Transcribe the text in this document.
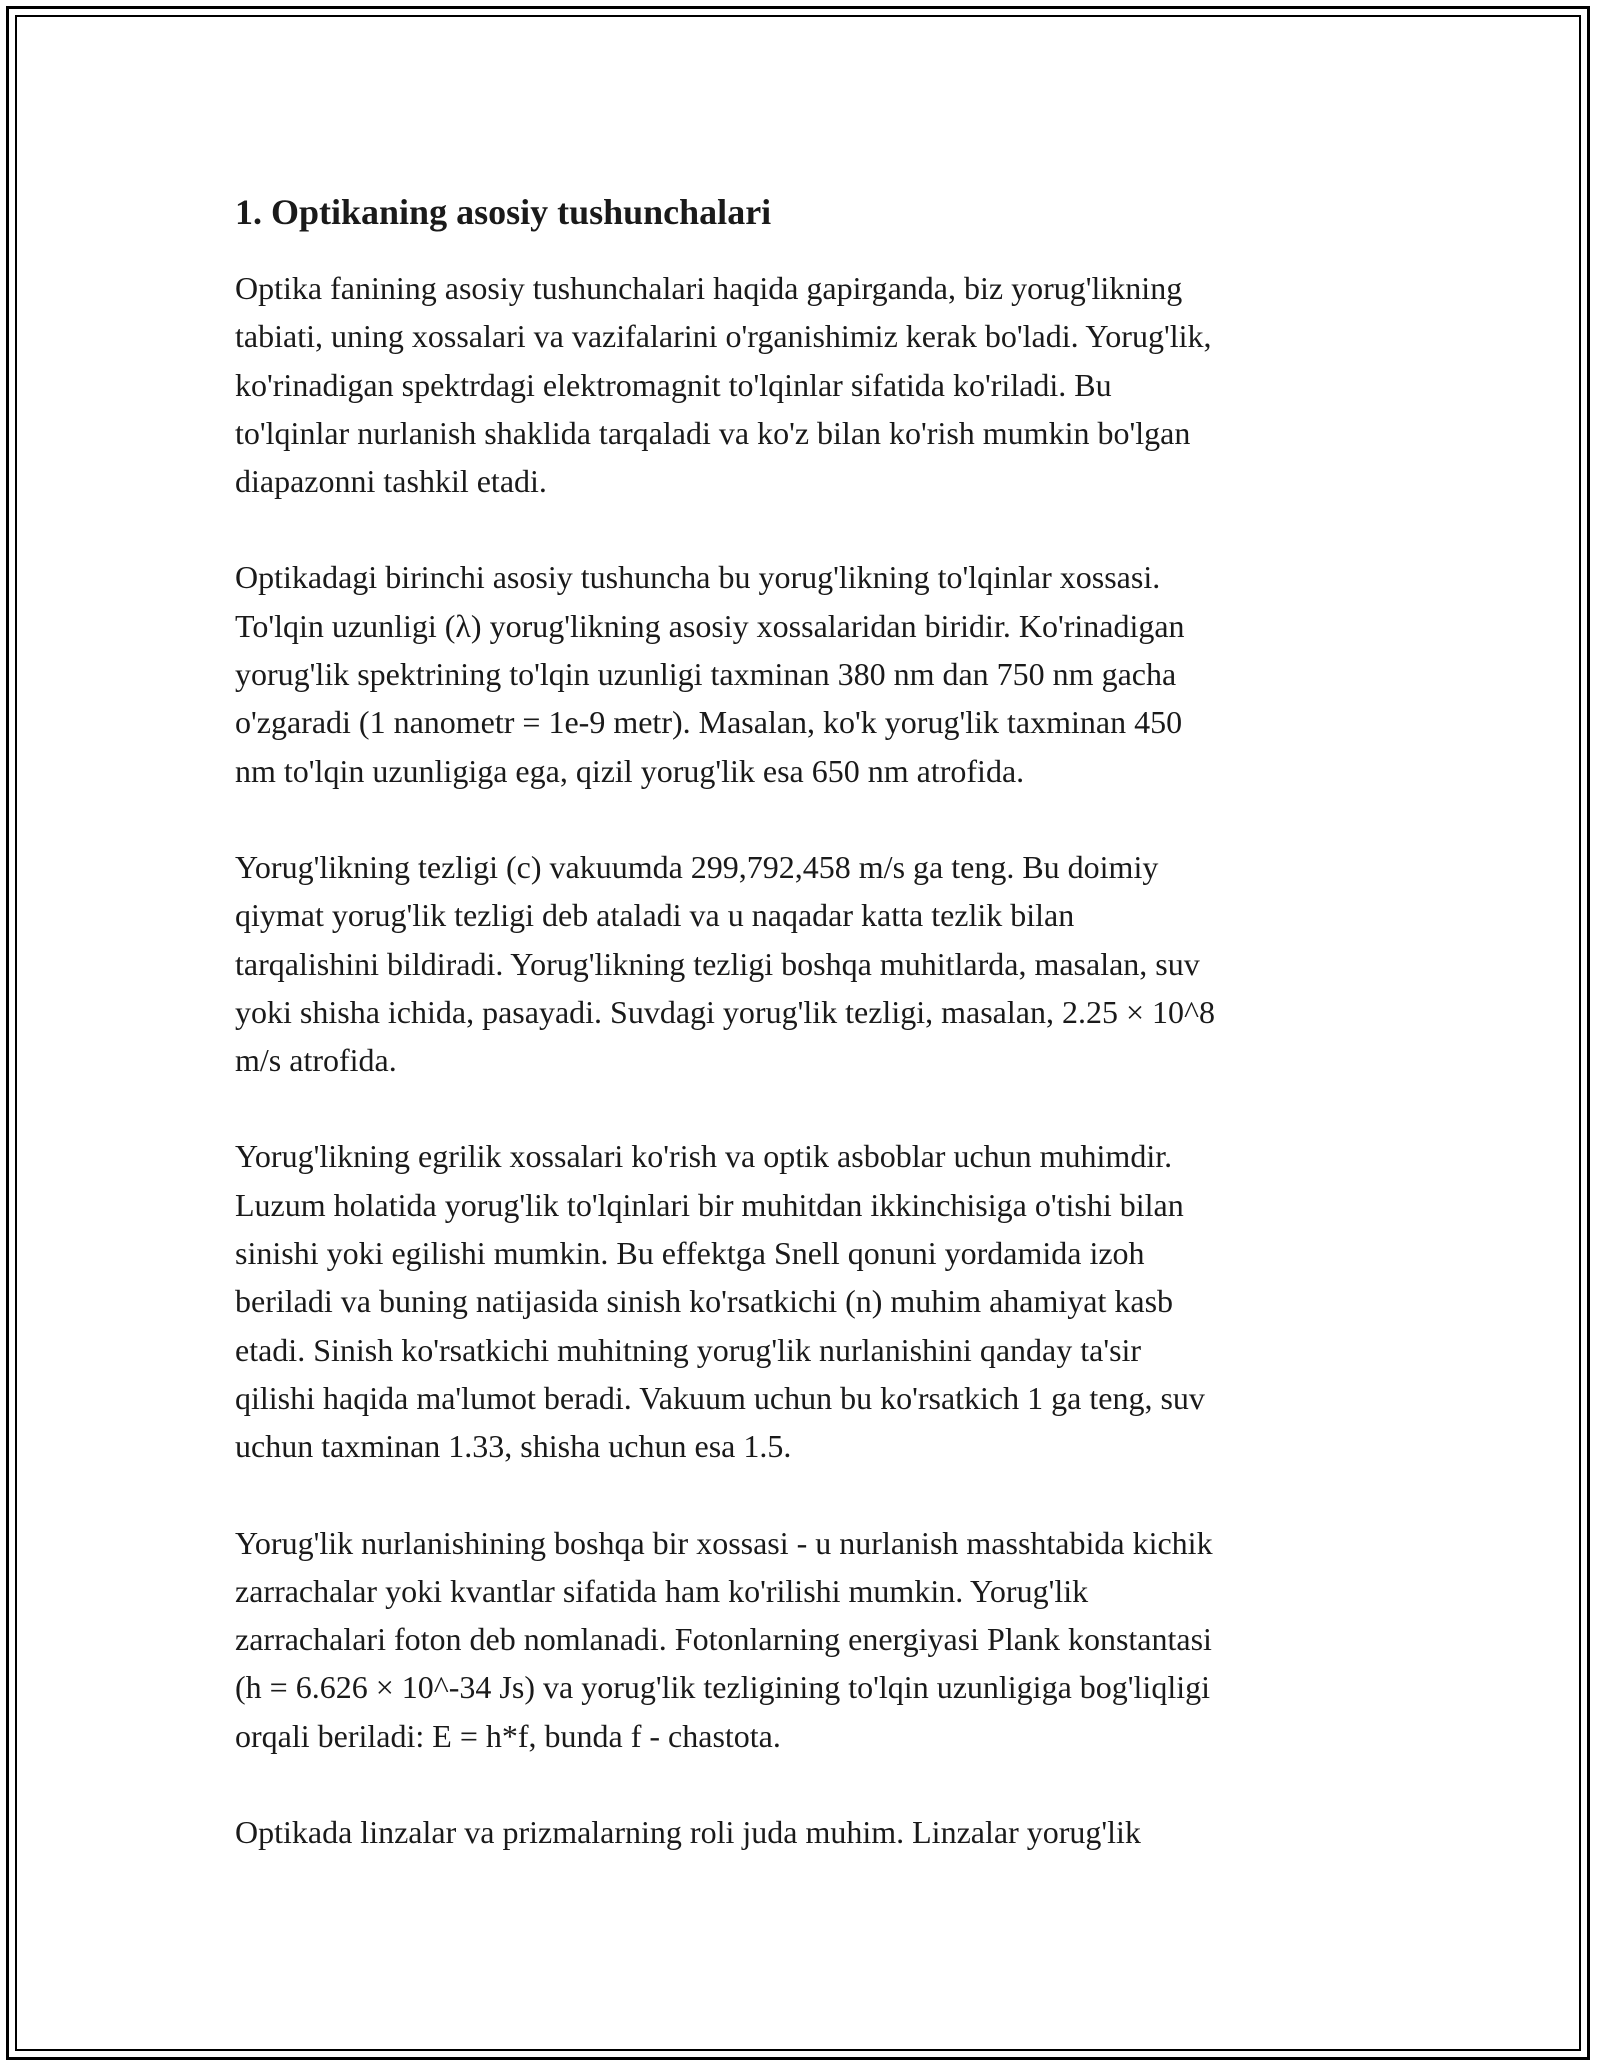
1. Optikaning asosiy tushunchalari

Optika fanining asosiy tushunchalari haqida gapirganda, biz yorug'likning
tabiati, uning xossalari va vazifalarini o'rganishimiz kerak bo'ladi. Yorug'lik,
ko'rinadigan spektrdagi elektromagnit to'lqinlar sifatida ko'riladi. Bu
to'lqinlar nurlanish shaklida tarqaladi va ko'z bilan ko'rish mumkin bo'lgan
diapazonni tashkil etadi.

Optikadagi birinchi asosiy tushuncha bu yorug'likning to'lqinlar xossasi.
To'lqin uzunligi (λ) yorug'likning asosiy xossalaridan biridir. Ko'rinadigan
yorug'lik spektrining to'lqin uzunligi taxminan 380 nm dan 750 nm gacha
o'zgaradi (1 nanometr = 1e-9 metr). Masalan, ko'k yorug'lik taxminan 450
nm to'lqin uzunligiga ega, qizil yorug'lik esa 650 nm atrofida.

Yorug'likning tezligi (c) vakuumda 299,792,458 m/s ga teng. Bu doimiy
qiymat yorug'lik tezligi deb ataladi va u naqadar katta tezlik bilan
tarqalishini bildiradi. Yorug'likning tezligi boshqa muhitlarda, masalan, suv
yoki shisha ichida, pasayadi. Suvdagi yorug'lik tezligi, masalan, 2.25 × 10^8
m/s atrofida.

Yorug'likning egrilik xossalari ko'rish va optik asboblar uchun muhimdir.
Luzum holatida yorug'lik to'lqinlari bir muhitdan ikkinchisiga o'tishi bilan
sinishi yoki egilishi mumkin. Bu effektga Snell qonuni yordamida izoh
beriladi va buning natijasida sinish ko'rsatkichi (n) muhim ahamiyat kasb
etadi. Sinish ko'rsatkichi muhitning yorug'lik nurlanishini qanday ta'sir
qilishi haqida ma'lumot beradi. Vakuum uchun bu ko'rsatkich 1 ga teng, suv
uchun taxminan 1.33, shisha uchun esa 1.5.

Yorug'lik nurlanishining boshqa bir xossasi - u nurlanish masshtabida kichik
zarrachalar yoki kvantlar sifatida ham ko'rilishi mumkin. Yorug'lik
zarrachalari foton deb nomlanadi. Fotonlarning energiyasi Plank konstantasi
(h = 6.626 × 10^-34 Js) va yorug'lik tezligining to'lqin uzunligiga bog'liqligi
orqali beriladi: E = h*f, bunda f - chastota.

Optikada linzalar va prizmalarning roli juda muhim. Linzalar yorug'lik
